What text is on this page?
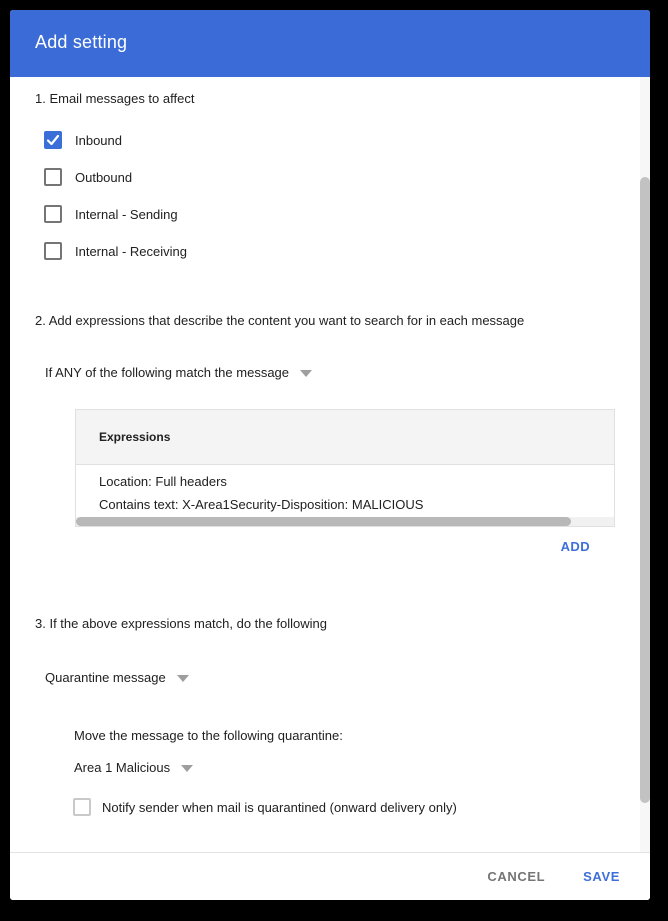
Add setting
1. Email messages to affect
Inbound
Outbound
Internal - Sending
Internal - Receiving
2. Add expressions that describe the content you want to search for in each message
If ANY of the following match the message
Expressions
Location: Full headers
Contains text: X-Area1Security-Disposition: MALICIOUS
ADD
3. If the above expressions match, do the following
Quarantine message
Move the message to the following quarantine:
Area 1 Malicious
Notify sender when mail is quarantined (onward delivery only)
CANCEL	SAVE
